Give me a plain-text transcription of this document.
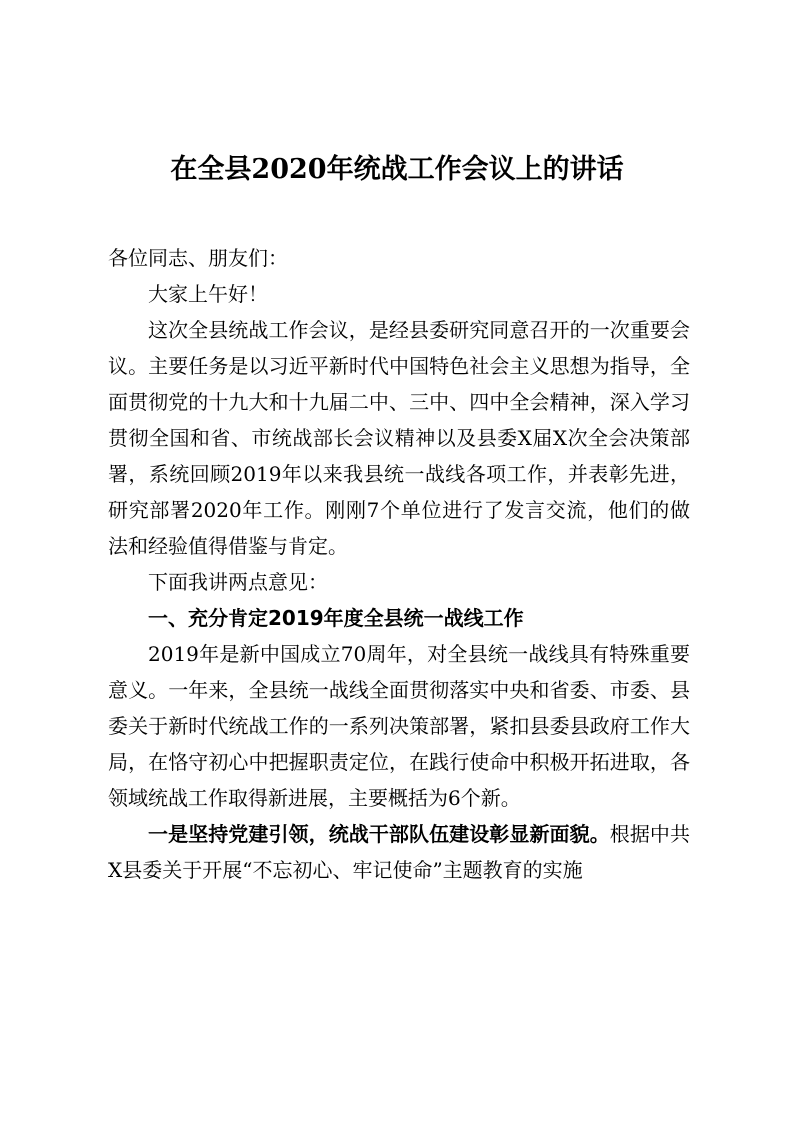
在全县2020年统战工作会议上的讲话

各位同志、朋友们：

大家上午好！

这次全县统战工作会议，是经县委研究同意召开的一次重要会议。主要任务是以习近平新时代中国特色社会主义思想为指导，全面贯彻党的十九大和十九届二中、三中、四中全会精神，深入学习贯彻全国和省、市统战部长会议精神以及县委X届X次全会决策部署，系统回顾2019年以来我县统一战线各项工作，并表彰先进，研究部署2020年工作。刚刚7个单位进行了发言交流，他们的做法和经验值得借鉴与肯定。

下面我讲两点意见：

一、充分肯定2019年度全县统一战线工作

2019年是新中国成立70周年，对全县统一战线具有特殊重要意义。一年来，全县统一战线全面贯彻落实中央和省委、市委、县委关于新时代统战工作的一系列决策部署，紧扣县委县政府工作大局，在恪守初心中把握职责定位，在践行使命中积极开拓进取，各领域统战工作取得新进展，主要概括为6个新。

一是坚持党建引领，统战干部队伍建设彰显新面貌。根据中共X县委关于开展“不忘初心、牢记使命”主题教育的实施
